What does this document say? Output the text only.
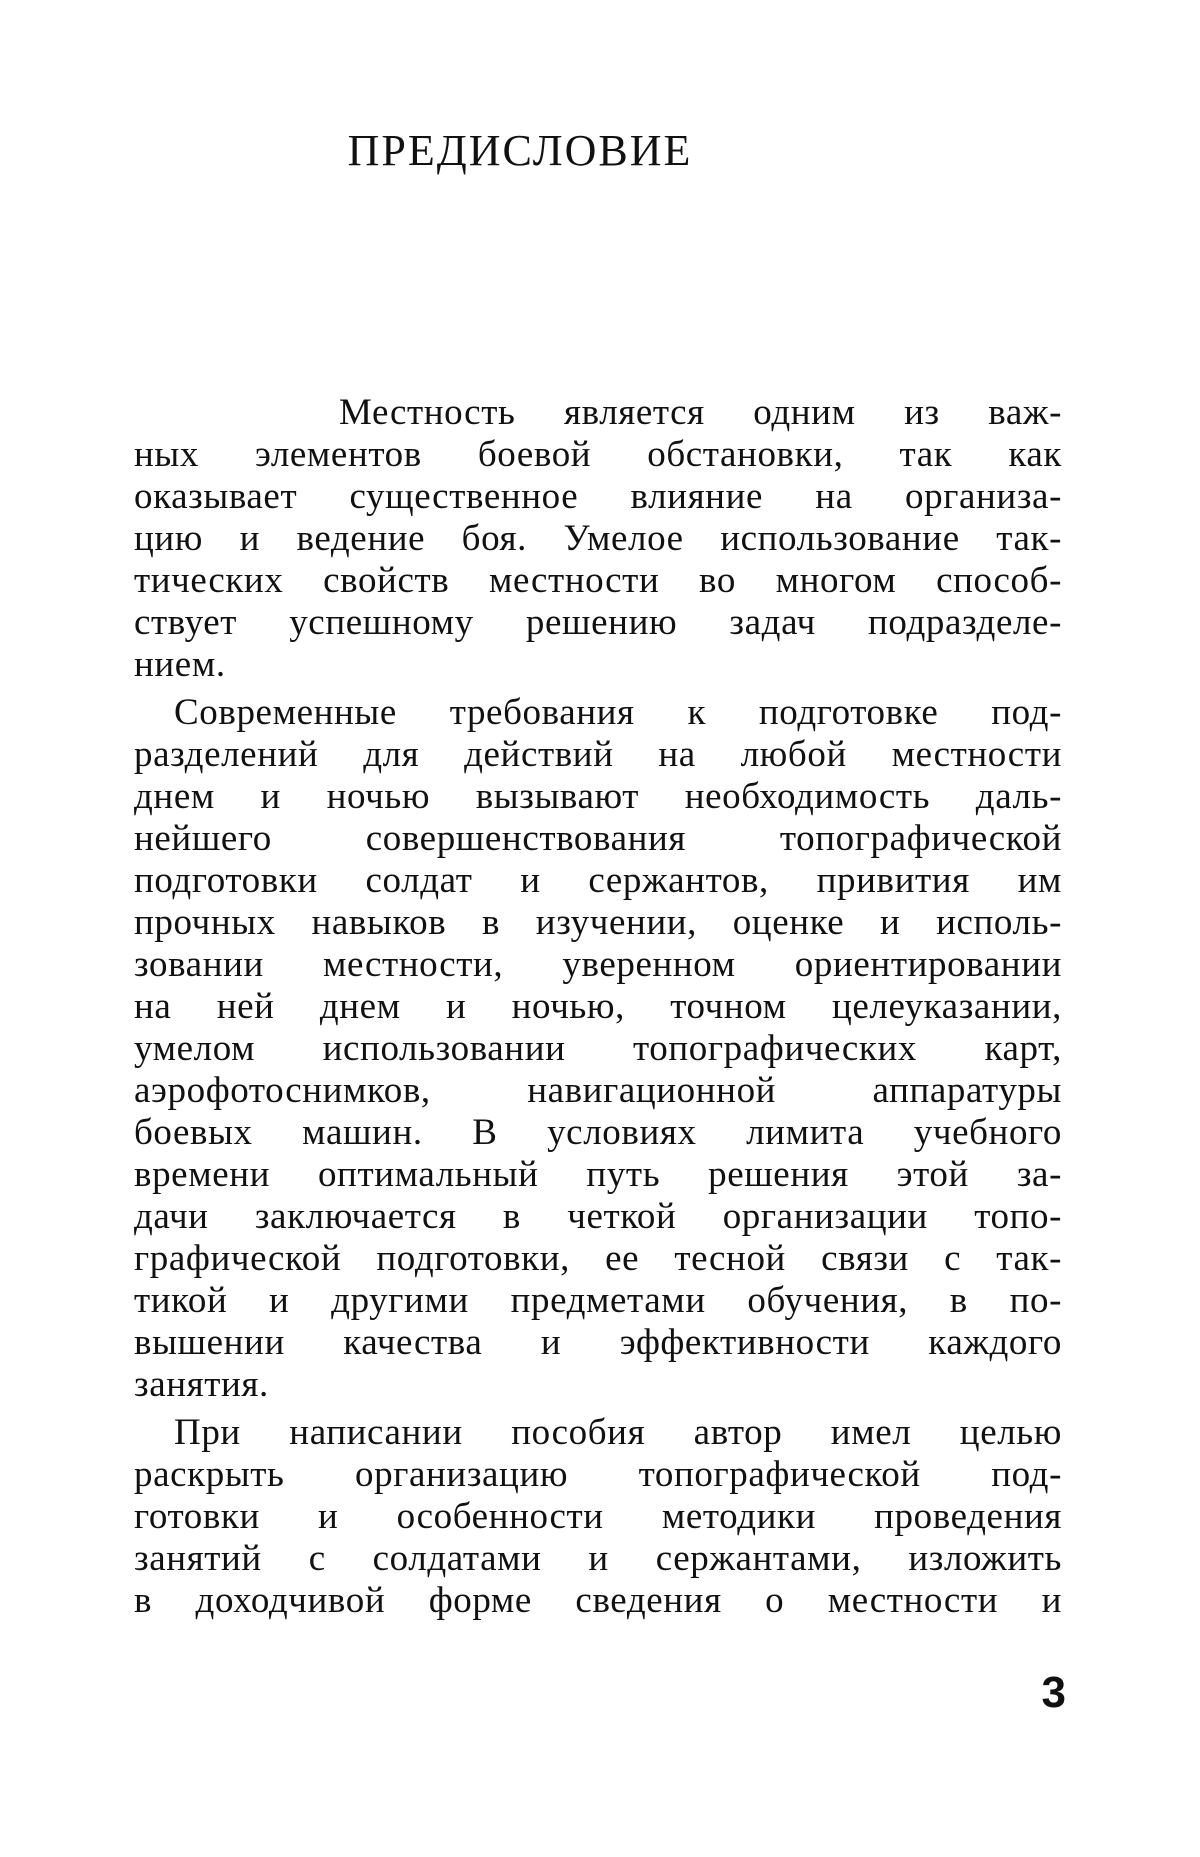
ПРЕДИСЛОВИЕ
Местность является одним из важ-
ных элементов боевой обстановки, так как
оказывает существенное влияние на организа-
цию и ведение боя. Умелое использование так-
тических свойств местности во многом способ-
ствует успешному решению задач подразделе-
нием.
Современные требования к подготовке под-
разделений для действий на любой местности
днем и ночью вызывают необходимость даль-
нейшего совершенствования топографической
подготовки солдат и сержантов, привития им
прочных навыков в изучении, оценке и исполь-
зовании местности, уверенном ориентировании
на ней днем и ночью, точном целеуказании,
умелом использовании топографических карт,
аэрофотоснимков, навигационной аппаратуры
боевых машин. В условиях лимита учебного
времени оптимальный путь решения этой за-
дачи заключается в четкой организации топо-
графической подготовки, ее тесной связи с так-
тикой и другими предметами обучения, в по-
вышении качества и эффективности каждого
занятия.
При написании пособия автор имел целью
раскрыть организацию топографической под-
готовки и особенности методики проведения
занятий с солдатами и сержантами, изложить
в доходчивой форме сведения о местности и
3
